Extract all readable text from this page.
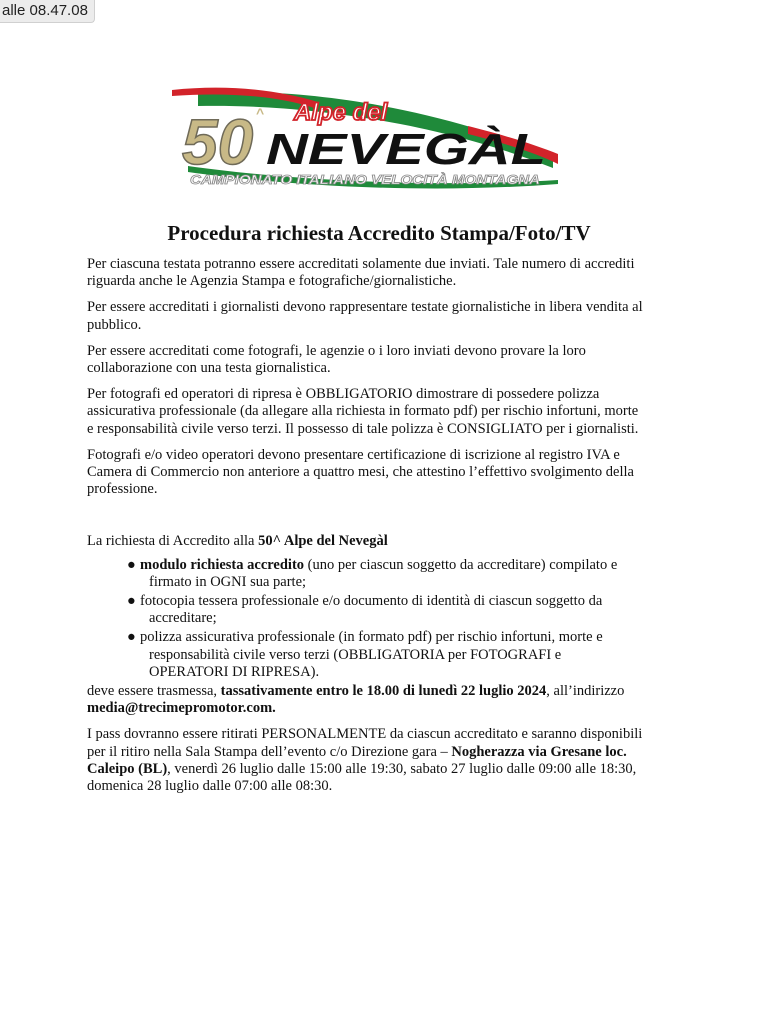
alle 08.47.08
50 ^ Alpe del
NEVEGÀL
CAMPIONATO ITALIANO VELOCITÀ MONTAGNA
Procedura richiesta Accredito Stampa/Foto/TV

Per ciascuna testata potranno essere accreditati solamente due inviati. Tale numero di accrediti riguarda anche le Agenzia Stampa e fotografiche/giornalistiche.

Per essere accreditati i giornalisti devono rappresentare testate giornalistiche in libera vendita al pubblico.

Per essere accreditati come fotografi, le agenzie o i loro inviati devono provare la loro collaborazione con una testa giornalistica.

Per fotografi ed operatori di ripresa è OBBLIGATORIO dimostrare di possedere polizza assicurativa professionale (da allegare alla richiesta in formato pdf) per rischio infortuni, morte e responsabilità civile verso terzi. Il possesso di tale polizza è CONSIGLIATO per i giornalisti.

Fotografi e/o video operatori devono presentare certificazione di iscrizione al registro IVA e Camera di Commercio non anteriore a quattro mesi, che attestino l’effettivo svolgimento della professione.

La richiesta di Accredito alla 50^ Alpe del Nevegàl

● modulo richiesta accredito (uno per ciascun soggetto da accreditare) compilato e
firmato in OGNI sua parte;
● fotocopia tessera professionale e/o documento di identità di ciascun soggetto da
accreditare;
● polizza assicurativa professionale (in formato pdf) per rischio infortuni, morte e
responsabilità civile verso terzi (OBBLIGATORIA per FOTOGRAFI e
OPERATORI DI RIPRESA).

deve essere trasmessa, tassativamente entro le 18.00 di lunedì 22 luglio 2024, all’indirizzo media@trecimepromotor.com.

I pass dovranno essere ritirati PERSONALMENTE da ciascun accreditato e saranno disponibili per il ritiro nella Sala Stampa dell’evento c/o Direzione gara – Nogherazza via Gresane loc. Caleipo (BL), venerdì 26 luglio dalle 15:00 alle 19:30, sabato 27 luglio dalle 09:00 alle 18:30, domenica 28 luglio dalle 07:00 alle 08:30.
